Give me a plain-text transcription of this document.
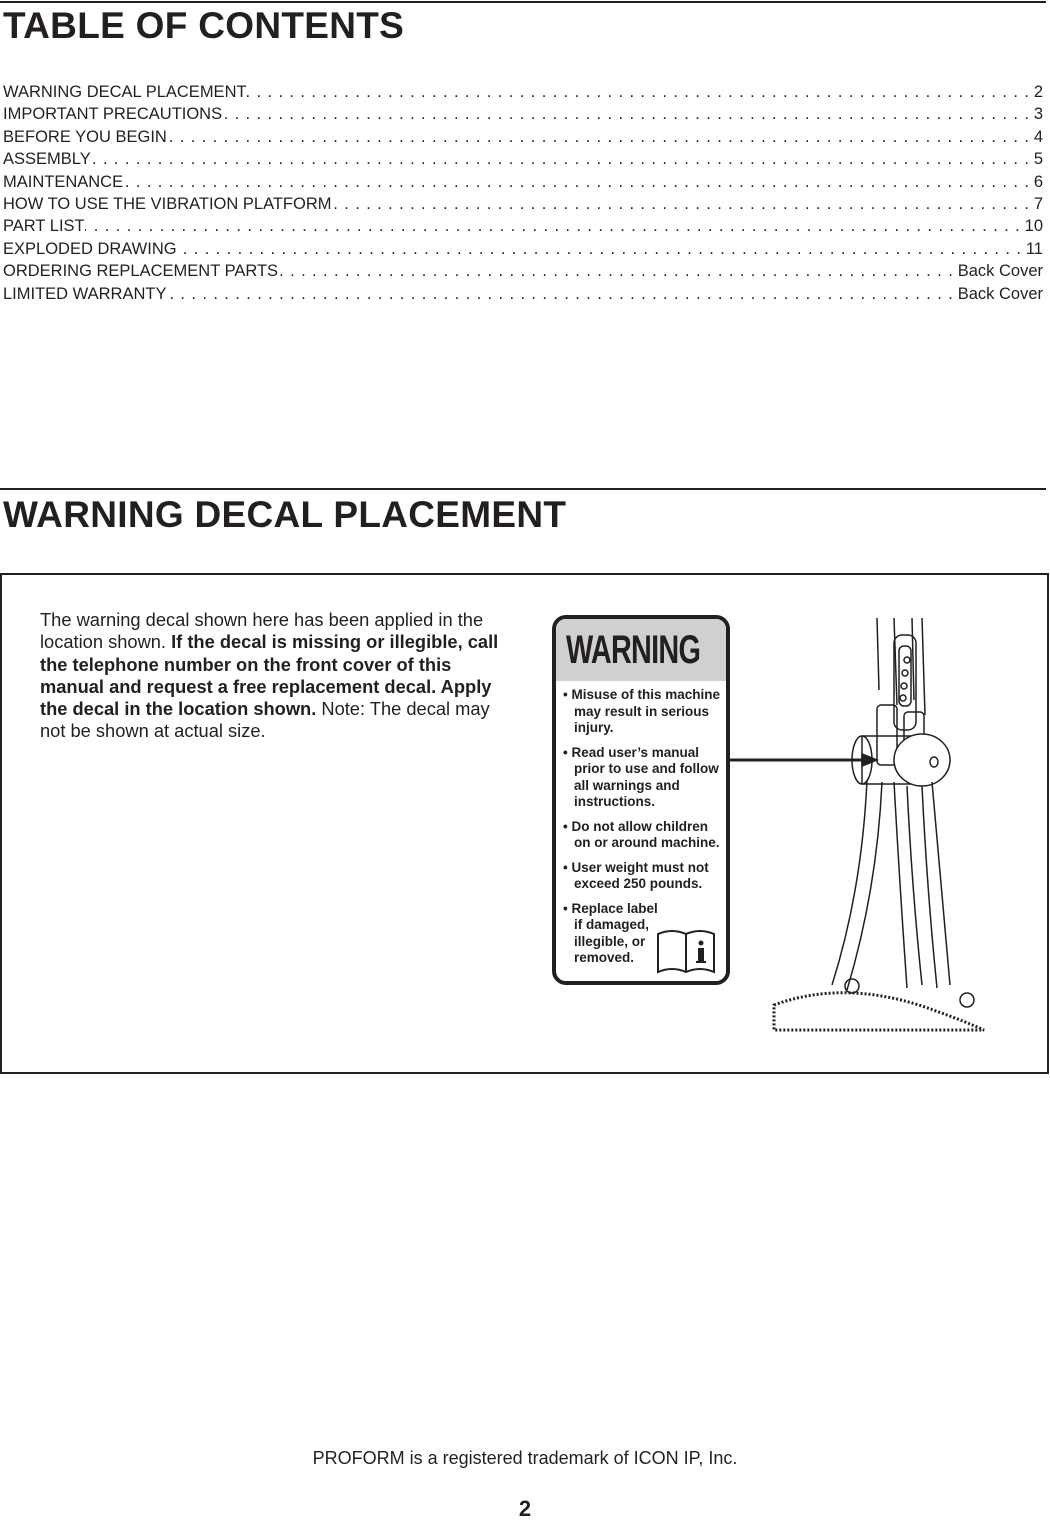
TABLE OF CONTENTS
WARNING DECAL PLACEMENT . . .	2
IMPORTANT PRECAUTIONS . . .	3
BEFORE YOU BEGIN . . .	4
ASSEMBLY . . .	5
MAINTENANCE . . .	6
HOW TO USE THE VIBRATION PLATFORM . . .	7
PART LIST . . .	10
EXPLODED DRAWING . . .	11
ORDERING REPLACEMENT PARTS . . .	Back Cover
LIMITED WARRANTY . . .	Back Cover
WARNING DECAL PLACEMENT

The warning decal shown here has been applied in the location shown. If the decal is missing or illegible, call the telephone number on the front cover of this manual and request a free replacement decal. Apply the decal in the location shown. Note: The decal may not be shown at actual size.

WARNING
• Misuse of this machine may result in serious injury.
• Read user’s manual prior to use and follow all warnings and instructions.
• Do not allow children on or around machine.
• User weight must not exceed 250 pounds.
• Replace label if damaged, illegible, or removed.
PROFORM is a registered trademark of ICON IP, Inc.
2
